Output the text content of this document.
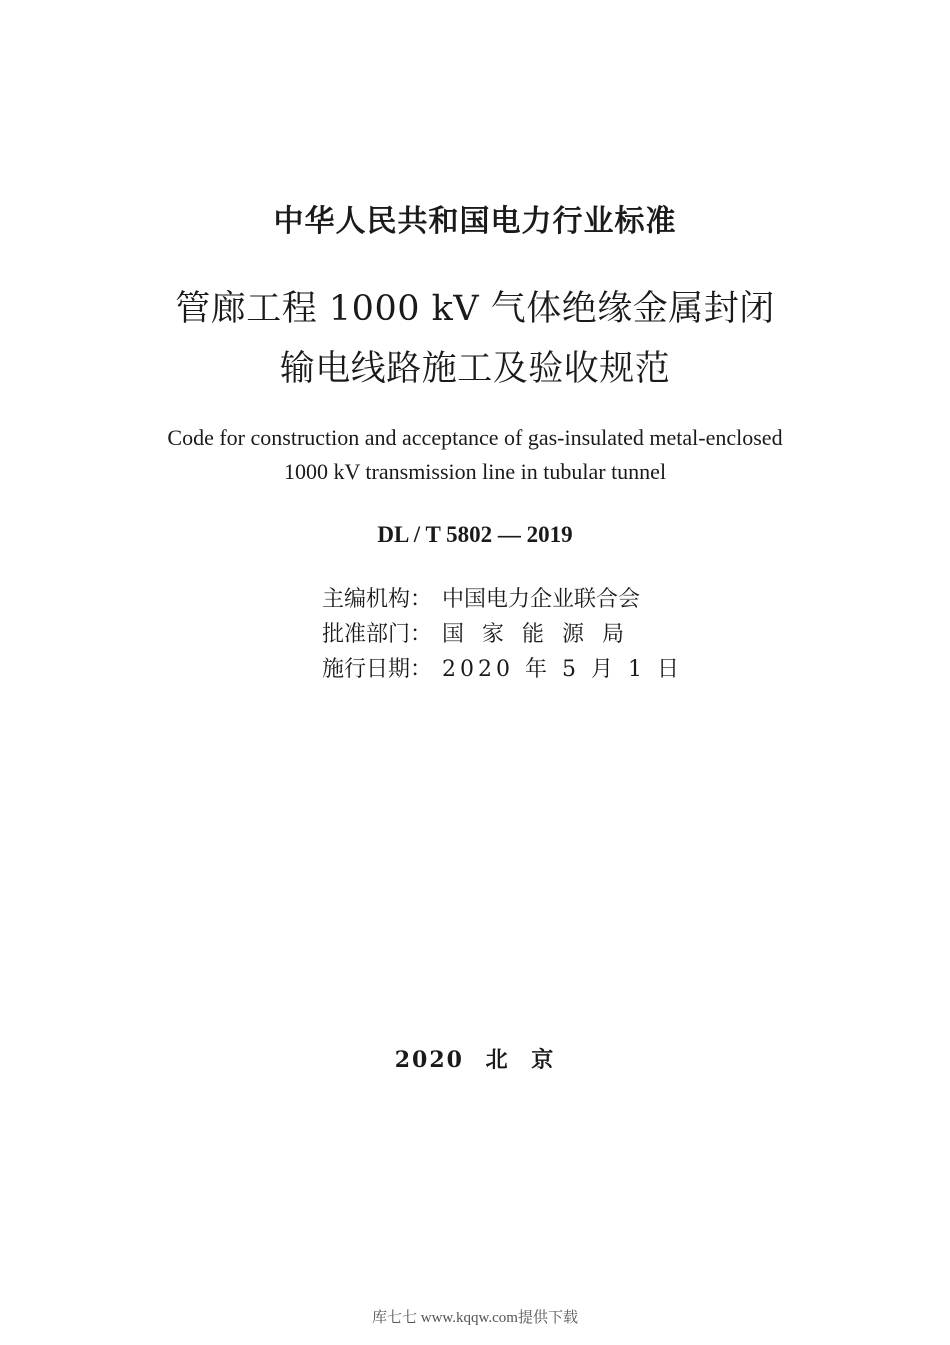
中华人民共和国电力行业标准
管廊工程 1000 kV 气体绝缘金属封闭
输电线路施工及验收规范
Code for construction and acceptance of gas-insulated metal-enclosed
1000 kV transmission line in tubular tunnel
DL / T 5802 — 2019
主编机构： 中国电力企业联合会
批准部门： 国家能源局
施行日期： 2020 年 5 月 1 日
2020 北 京
库七七 www.kqqw.com提供下载
